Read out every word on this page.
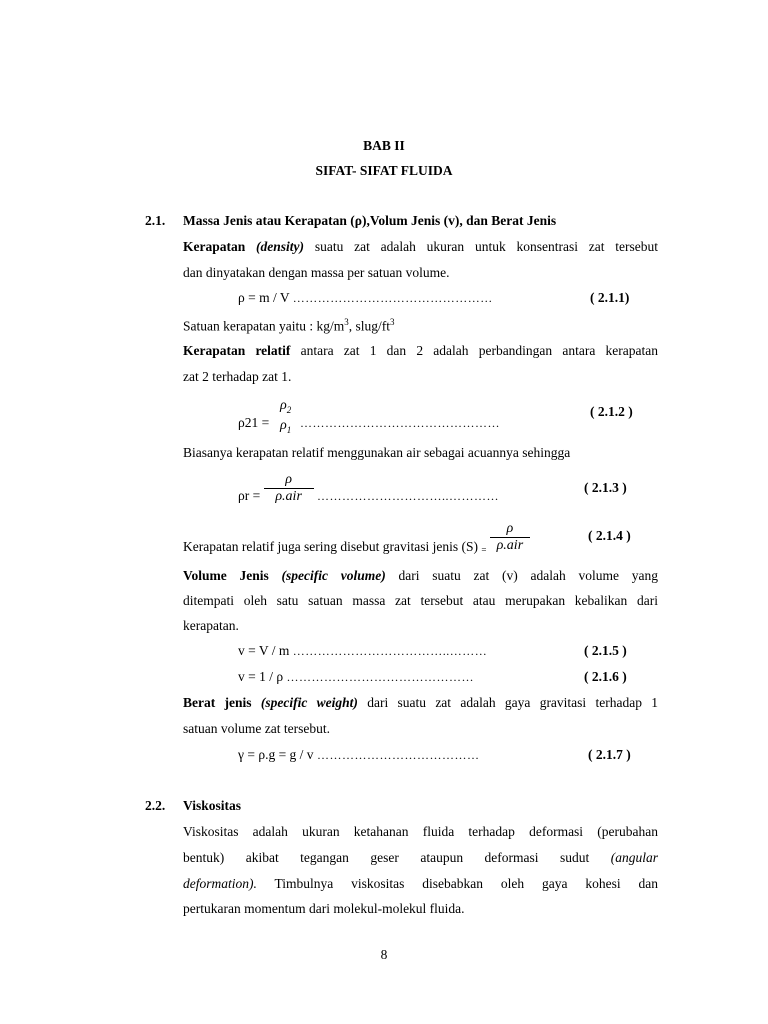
BAB II
SIFAT- SIFAT FLUIDA
2.1. Massa Jenis atau Kerapatan (ρ),Volum Jenis (v), dan Berat Jenis
Kerapatan (density) suatu zat adalah ukuran untuk konsentrasi zat tersebut
dan dinyatakan dengan massa per satuan volume.
ρ = m / V …………………………………………	( 2.1.1)
Satuan kerapatan yaitu : $kg/m^3$, slug/$ft^3$
Kerapatan relatif antara zat 1 dan 2 adalah perbandingan antara kerapatan
zat 2 terhadap zat 1.
ρ21 =
$\rho_2$
$\rho_1$ …………………………………………
( 2.1.2 )
Biasanya kerapatan relatif menggunakan air sebagai acuannya sehingga
$\rho r = \frac{\rho}{\text{ρ.air}}$ …………………………..…………
( 2.1.3 )
Kerapatan relatif juga sering disebut gravitasi jenis (S) $_= \frac{\rho}{\text{ρ.air}}$	( 2.1.4 )
Volume Jenis (specific volume) dari suatu zat (v) adalah volume yang
ditempati oleh satu satuan massa zat tersebut atau merupakan kebalikan dari
kerapatan.
v = V / m ………………………………..………	( 2.1.5 )
v = 1 / ρ ………………………………………	( 2.1.6 )
Berat jenis (specific weight) dari suatu zat adalah gaya gravitasi terhadap 1
satuan volume zat tersebut.
γ = ρ.g = g / v …………………………………	( 2.1.7 )
2.2. Viskositas
Viskositas adalah ukuran ketahanan fluida terhadap deformasi (perubahan
bentuk) akibat tegangan geser ataupun deformasi sudut (angular
deformation). Timbulnya viskositas disebabkan oleh gaya kohesi dan
pertukaran momentum dari molekul-molekul fluida.
8
